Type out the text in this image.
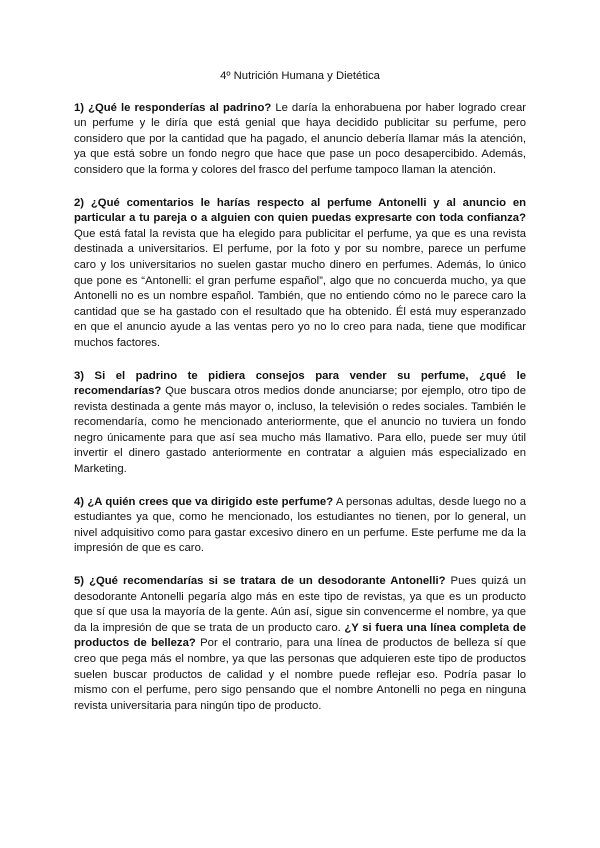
4º Nutrición Humana y Dietética

1) ¿Qué le responderías al padrino? Le daría la enhorabuena por haber logrado crear un perfume y le diría que está genial que haya decidido publicitar su perfume, pero considero que por la cantidad que ha pagado, el anuncio debería llamar más la atención, ya que está sobre un fondo negro que hace que pase un poco desapercibido. Además, considero que la forma y colores del frasco del perfume tampoco llaman la atención.

2) ¿Qué comentarios le harías respecto al perfume Antonelli y al anuncio en particular a tu pareja o a alguien con quien puedas expresarte con toda confianza? Que está fatal la revista que ha elegido para publicitar el perfume, ya que es una revista destinada a universitarios. El perfume, por la foto y por su nombre, parece un perfume caro y los universitarios no suelen gastar mucho dinero en perfumes. Además, lo único que pone es “Antonelli: el gran perfume español”, algo que no concuerda mucho, ya que Antonelli no es un nombre español. También, que no entiendo cómo no le parece caro la cantidad que se ha gastado con el resultado que ha obtenido. Él está muy esperanzado en que el anuncio ayude a las ventas pero yo no lo creo para nada, tiene que modificar muchos factores.

3) Si el padrino te pidiera consejos para vender su perfume, ¿qué le recomendarías? Que buscara otros medios donde anunciarse; por ejemplo, otro tipo de revista destinada a gente más mayor o, incluso, la televisión o redes sociales. También le recomendaría, como he mencionado anteriormente, que el anuncio no tuviera un fondo negro únicamente para que así sea mucho más llamativo. Para ello, puede ser muy útil invertir el dinero gastado anteriormente en contratar a alguien más especializado en Marketing.

4) ¿A quién crees que va dirigido este perfume? A personas adultas, desde luego no a estudiantes ya que, como he mencionado, los estudiantes no tienen, por lo general, un nivel adquisitivo como para gastar excesivo dinero en un perfume. Este perfume me da la impresión de que es caro.

5) ¿Qué recomendarías si se tratara de un desodorante Antonelli? Pues quizá un desodorante Antonelli pegaría algo más en este tipo de revistas, ya que es un producto que sí que usa la mayoría de la gente. Aún así, sigue sin convencerme el nombre, ya que da la impresión de que se trata de un producto caro. ¿Y si fuera una línea completa de productos de belleza? Por el contrario, para una línea de productos de belleza sí que creo que pega más el nombre, ya que las personas que adquieren este tipo de productos suelen buscar productos de calidad y el nombre puede reflejar eso. Podría pasar lo mismo con el perfume, pero sigo pensando que el nombre Antonelli no pega en ninguna revista universitaria para ningún tipo de producto.
